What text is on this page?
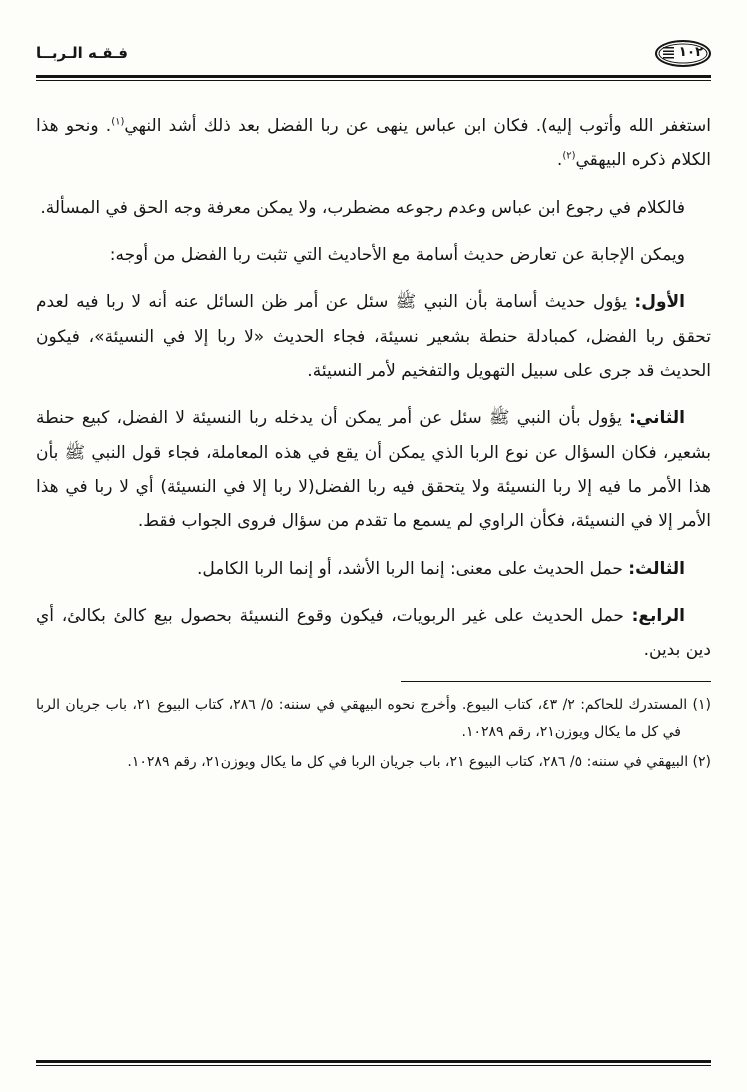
١٠٢
فـقـه الـربــا

استغفر الله وأتوب إليه). فكان ابن عباس ينهى عن ربا الفضل بعد ذلك أشد النهي$^{(١)}$. ونحو هذا الكلام ذكره البيهقي$^{(٢)}$.

فالكلام في رجوع ابن عباس وعدم رجوعه مضطرب، ولا يمكن معرفة وجه الحق في المسألة.

ويمكن الإجابة عن تعارض حديث أسامة مع الأحاديث التي تثبت ربا الفضل من أوجه:

الأول: يؤول حديث أسامة بأن النبي ﷺ سئل عن أمر ظن السائل عنه أنه لا ربا فيه لعدم تحقق ربا الفضل، كمبادلة حنطة بشعير نسيئة، فجاء الحديث «لا ربا إلا في النسيئة»، فيكون الحديث قد جرى على سبيل التهويل والتفخيم لأمر النسيئة.

الثاني: يؤول بأن النبي ﷺ سئل عن أمر يمكن أن يدخله ربا النسيئة لا الفضل، كبيع حنطة بشعير، فكان السؤال عن نوع الربا الذي يمكن أن يقع في هذه المعاملة، فجاء قول النبي ﷺ بأن هذا الأمر ما فيه إلا ربا النسيئة ولا يتحقق فيه ربا الفضل(لا ربا إلا في النسيئة) أي لا ربا في هذا الأمر إلا في النسيئة، فكأن الراوي لم يسمع ما تقدم من سؤال فروى الجواب فقط.

الثالث: حمل الحديث على معنى: إنما الربا الأشد، أو إنما الربا الكامل.

الرابع: حمل الحديث على غير الربويات، فيكون وقوع النسيئة بحصول بيع كالئ بكالئ، أي دين بدين.

(١) المستدرك للحاكم: ٢/ ٤٣، كتاب البيوع. وأخرج نحوه البيهقي في سننه: ٥/ ٢٨٦، كتاب البيوع ٢١، باب جريان الربا في كل ما يكال ويوزن٢١، رقم ١٠٢٨٩.

(٢) البيهقي في سننه: ٥/ ٢٨٦، كتاب البيوع ٢١، باب جريان الربا في كل ما يكال ويوزن٢١، رقم ١٠٢٨٩.
